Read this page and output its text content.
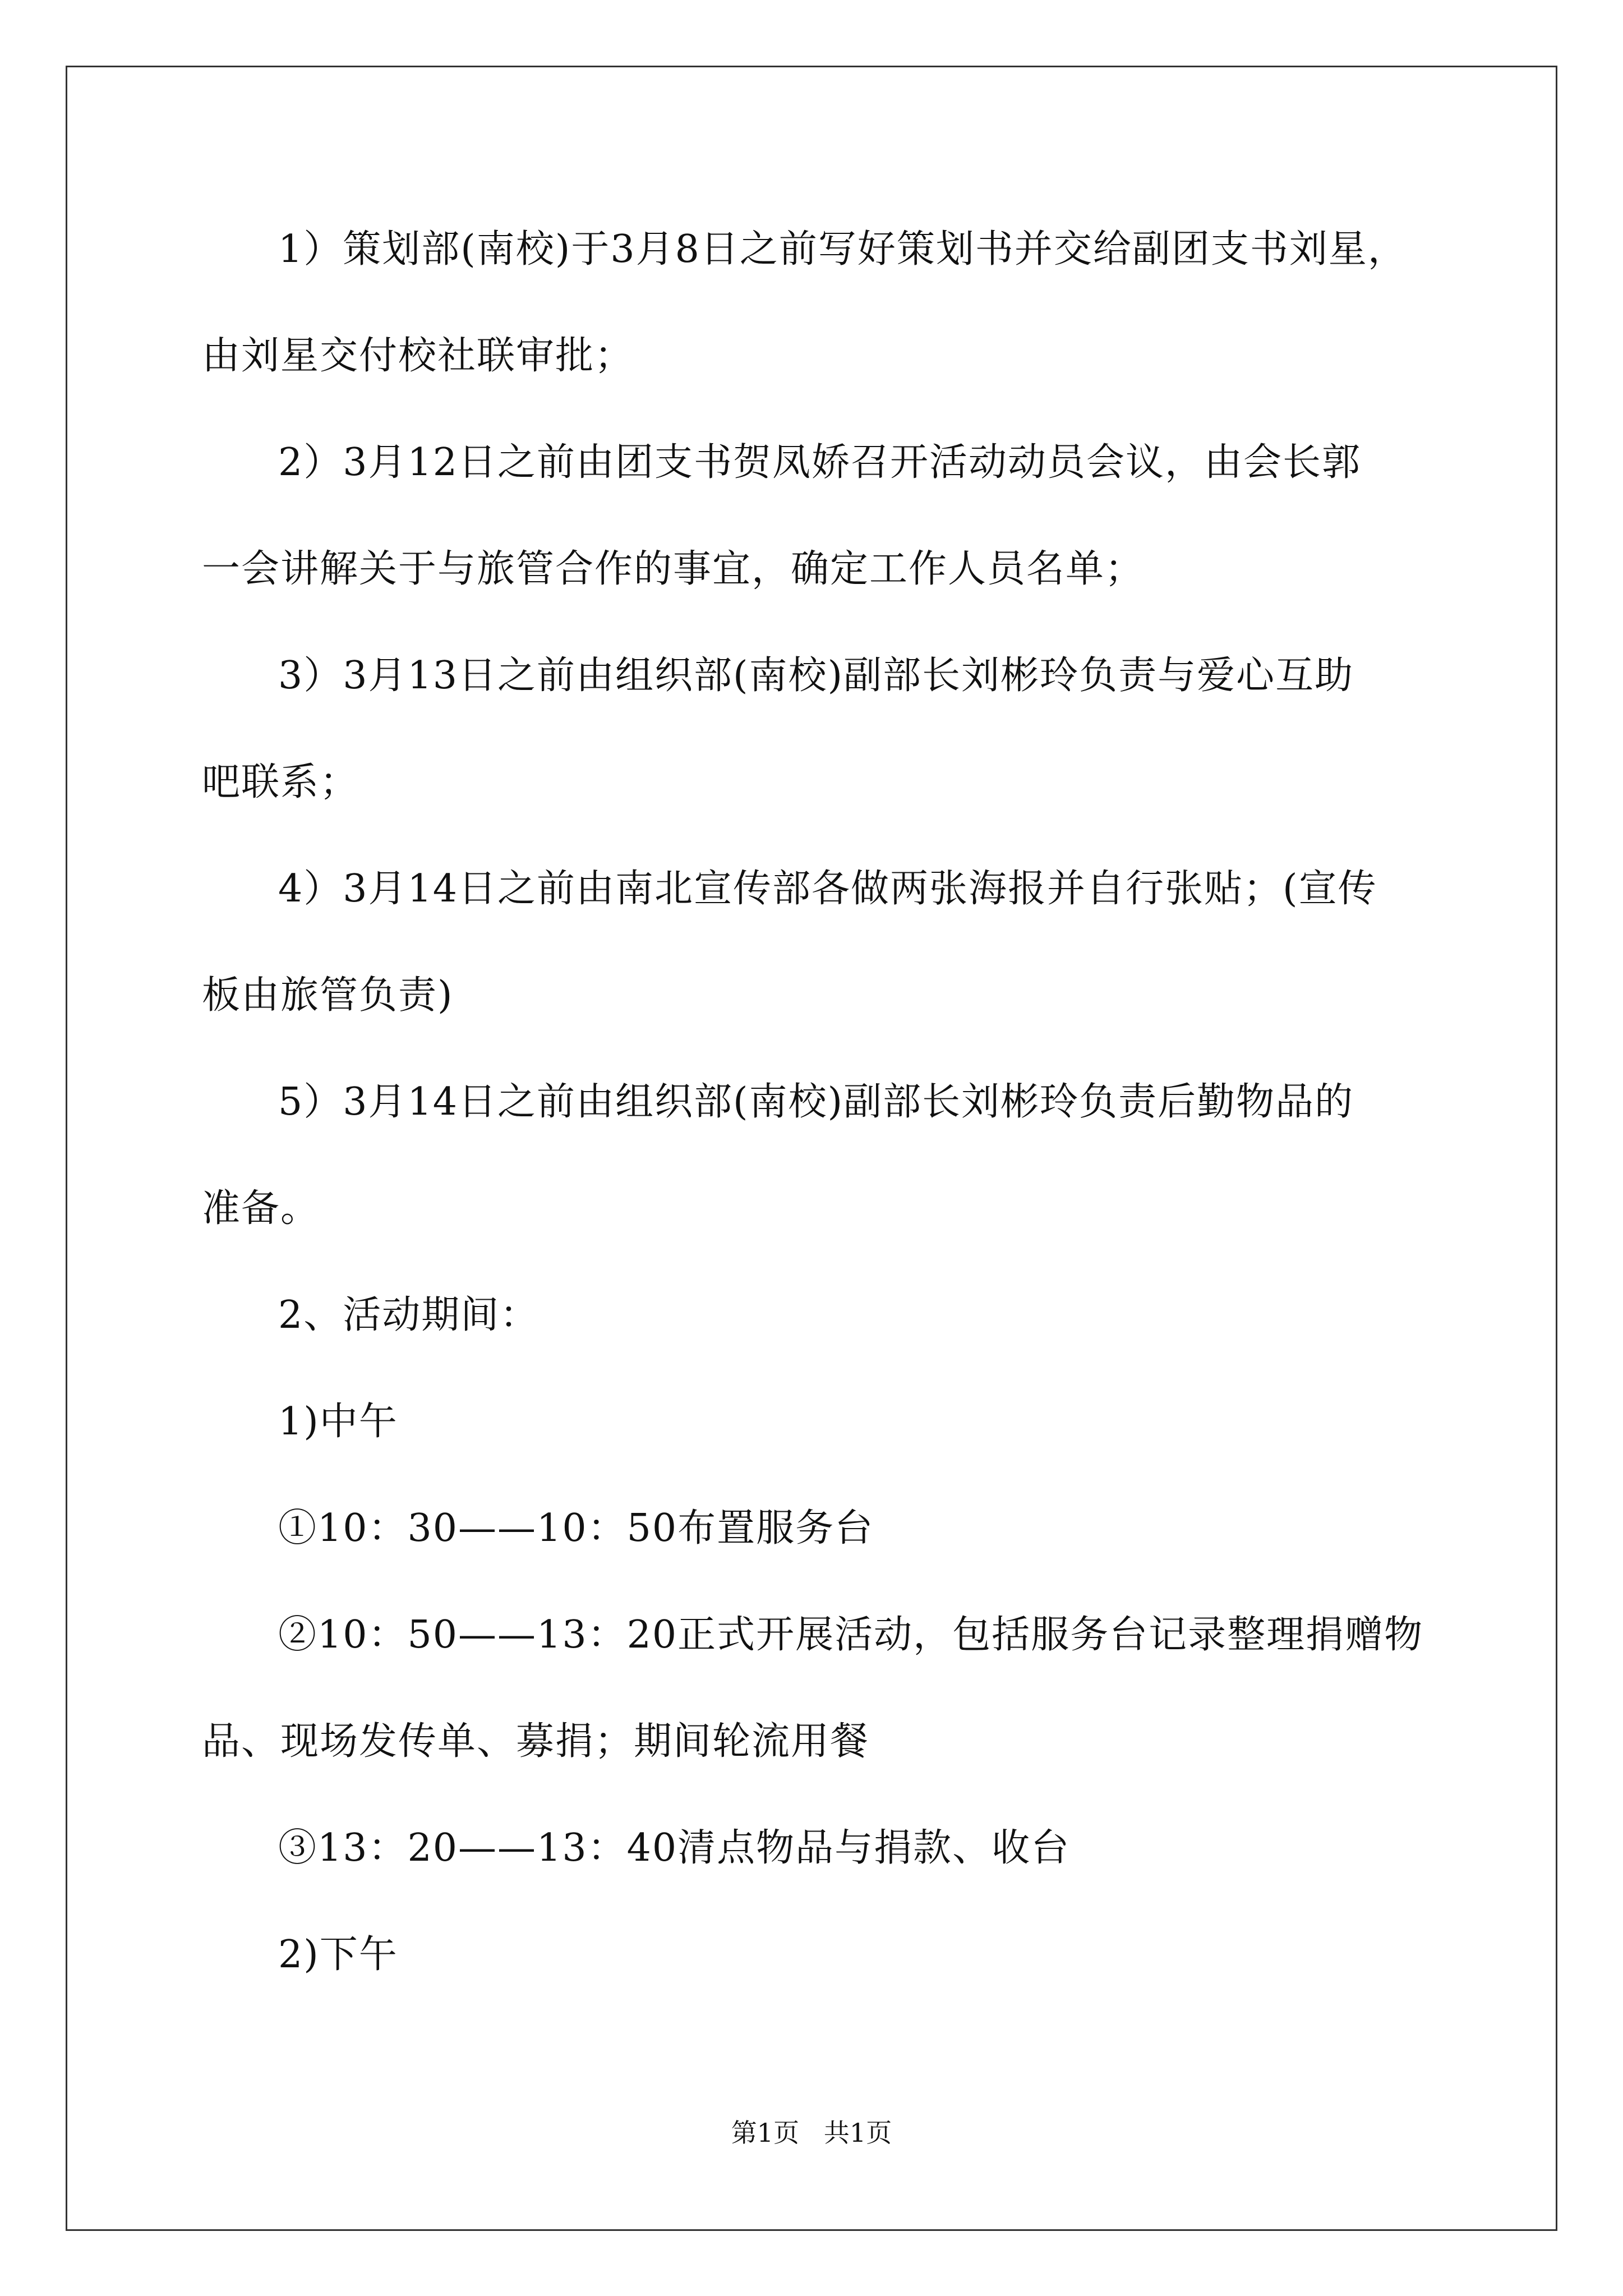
1）策划部(南校)于3月8日之前写好策划书并交给副团支书刘星，

由刘星交付校社联审批；

2）3月12日之前由团支书贺凤娇召开活动动员会议，由会长郭

一会讲解关于与旅管合作的事宜，确定工作人员名单；

3）3月13日之前由组织部(南校)副部长刘彬玲负责与爱心互助

吧联系；

4）3月14日之前由南北宣传部各做两张海报并自行张贴；(宣传

板由旅管负责)

5）3月14日之前由组织部(南校)副部长刘彬玲负责后勤物品的

准备。

2、活动期间：

1)中午

①10：30——10：50布置服务台

②10：50——13：20正式开展活动，包括服务台记录整理捐赠物

品、现场发传单、募捐；期间轮流用餐

③13：20——13：40清点物品与捐款、收台

2)下午

第1页   共1页
